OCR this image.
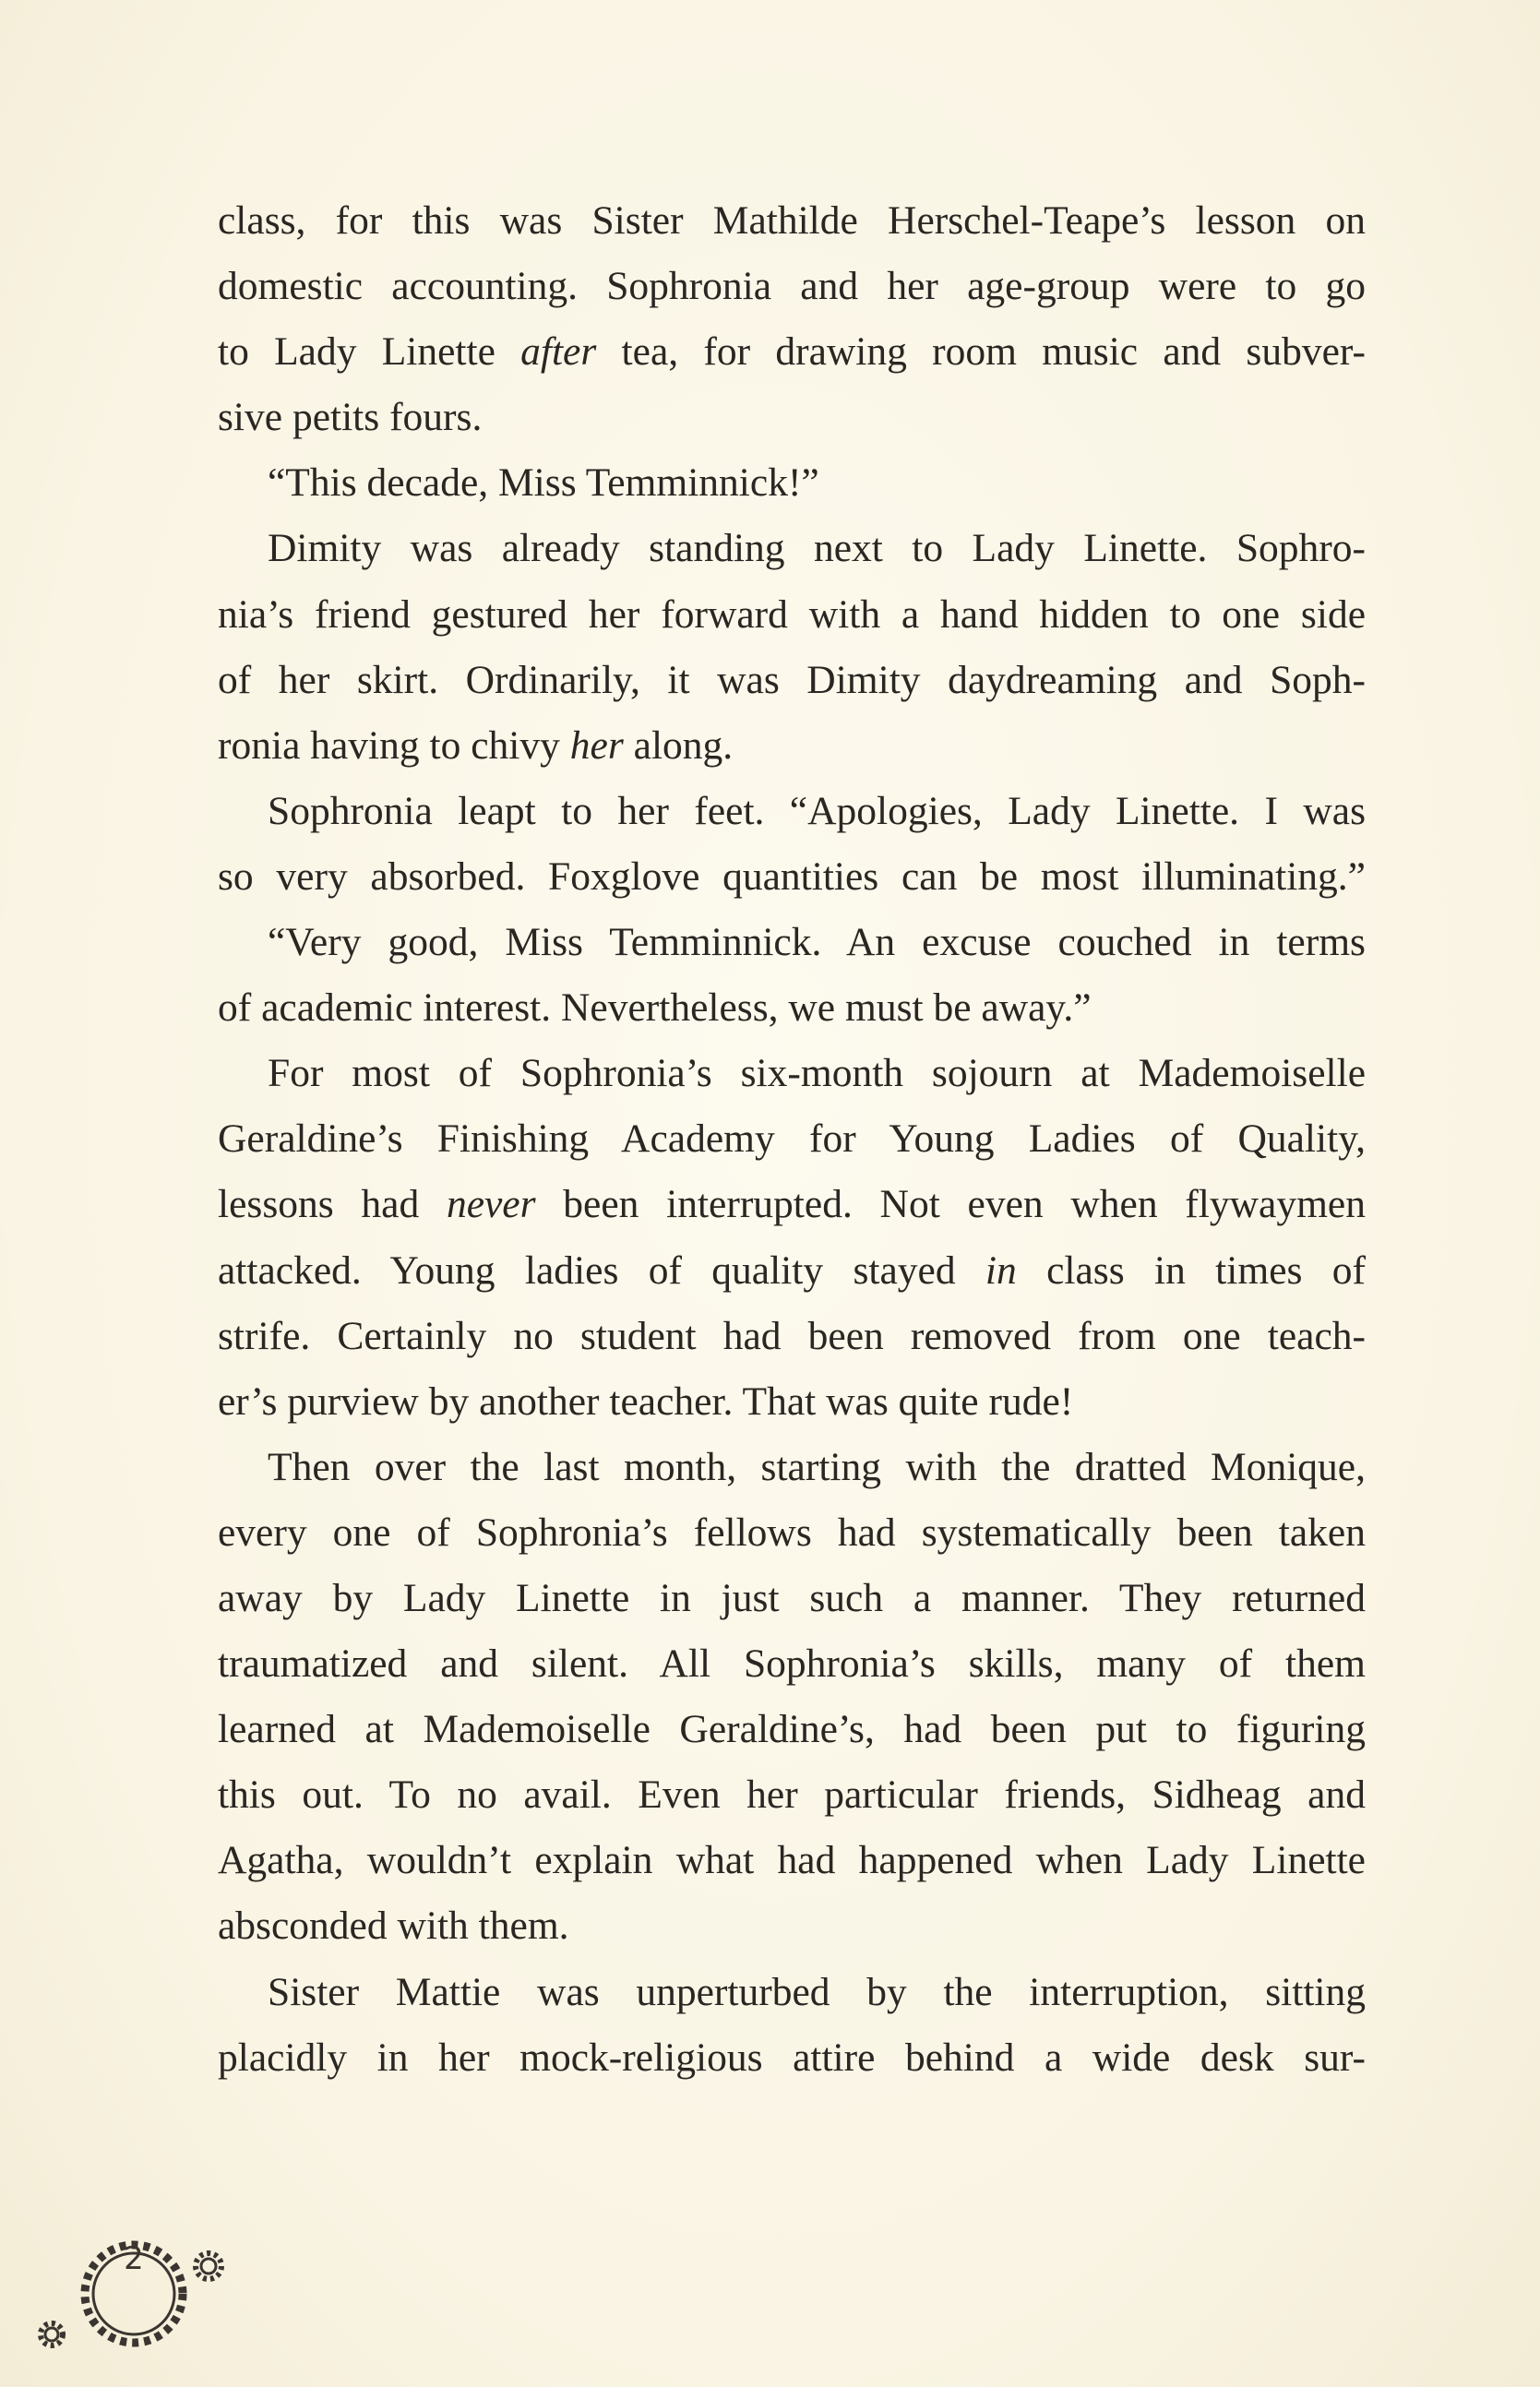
class, for this was Sister Mathilde Herschel-Teape’s lesson on
domestic accounting. Sophronia and her age-group were to go
to Lady Linette after tea, for drawing room music and subver-
sive petits fours.
“This decade, Miss Temminnick!”
Dimity was already standing next to Lady Linette. Sophro-
nia’s friend gestured her forward with a hand hidden to one side
of her skirt. Ordinarily, it was Dimity daydreaming and Soph-
ronia having to chivy her along.
Sophronia leapt to her feet. “Apologies, Lady Linette. I was
so very absorbed. Foxglove quantities can be most illuminating.”
“Very good, Miss Temminnick. An excuse couched in terms
of academic interest. Nevertheless, we must be away.”
For most of Sophronia’s six-month sojourn at Mademoiselle
Geraldine’s Finishing Academy for Young Ladies of Quality,
lessons had never been interrupted. Not even when flywaymen
attacked. Young ladies of quality stayed in class in times of
strife. Certainly no student had been removed from one teach-
er’s purview by another teacher. That was quite rude!
Then over the last month, starting with the dratted Monique,
every one of Sophronia’s fellows had systematically been taken
away by Lady Linette in just such a manner. They returned
traumatized and silent. All Sophronia’s skills, many of them
learned at Mademoiselle Geraldine’s, had been put to figuring
this out. To no avail. Even her particular friends, Sidheag and
Agatha, wouldn’t explain what had happened when Lady Linette
absconded with them.
Sister Mattie was unperturbed by the interruption, sitting
placidly in her mock-religious attire behind a wide desk sur-
2
